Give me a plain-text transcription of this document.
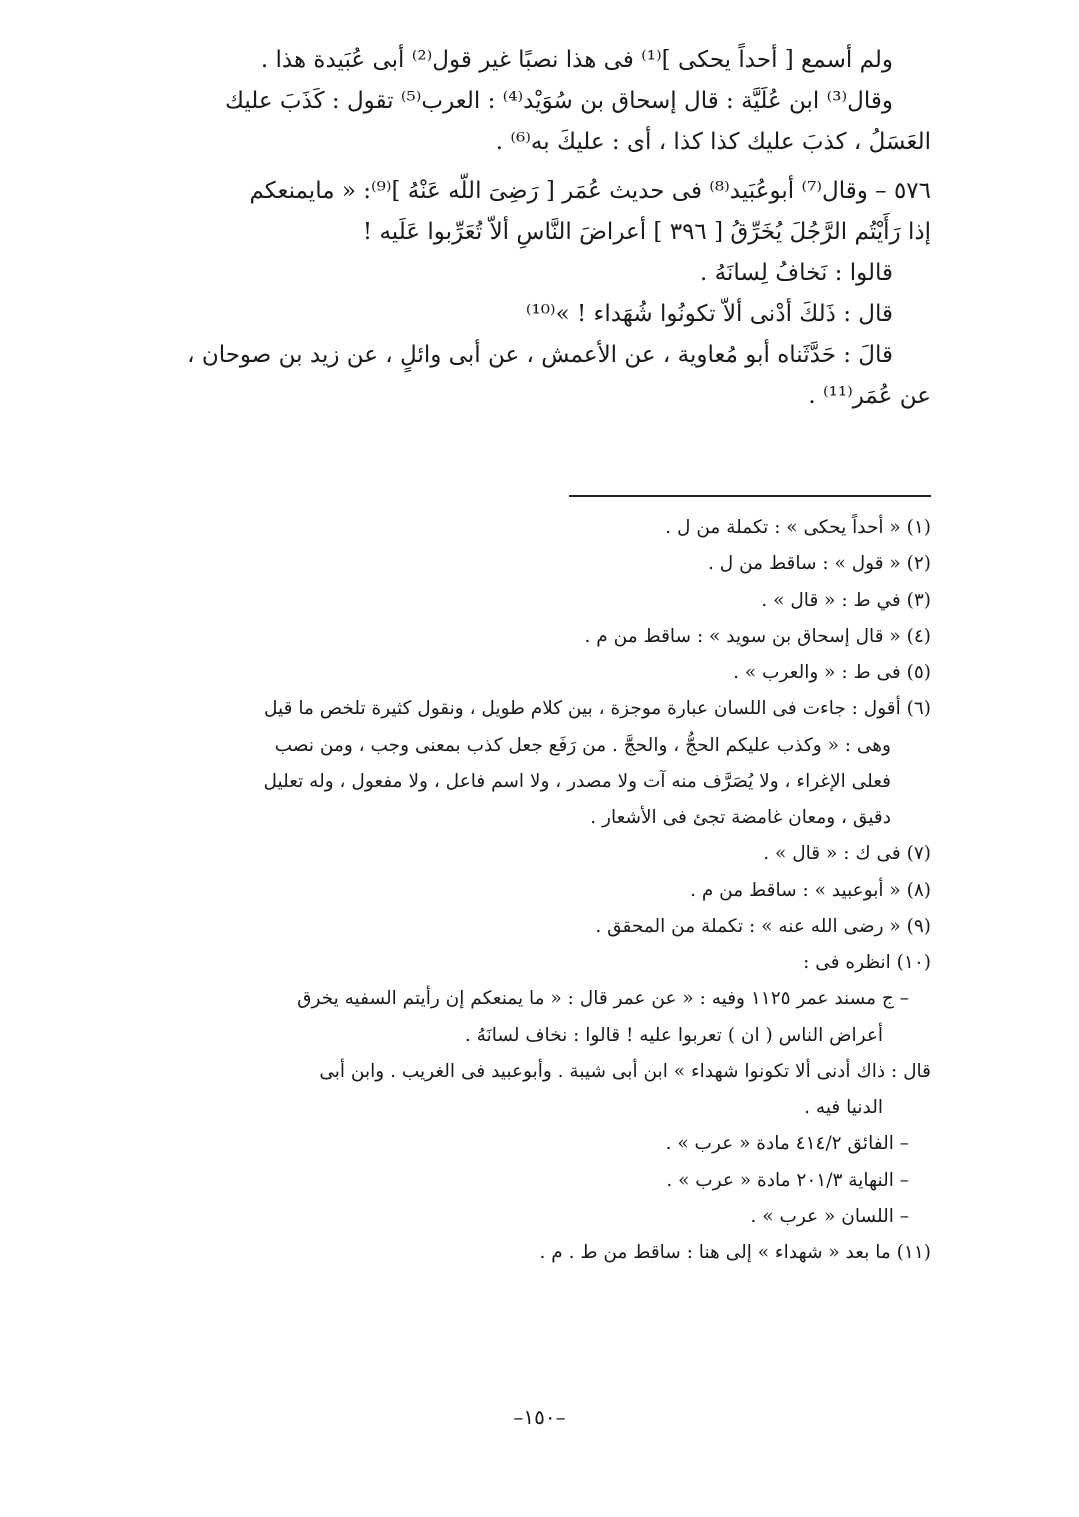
ولم أسمع [ أحداً يحكى ]⁽¹⁾ فى هذا نصبًا غير قول⁽²⁾ أبى عُبَيدة هذا .

وقال⁽³⁾ ابن عُلَيَّة : قال إسحاق بن سُوَيْد⁽⁴⁾ : العرب⁽⁵⁾ تقول : كَذَبَ عليك

العَسَلُ ، كذبَ عليك كذا كذا ، أى : عليكَ به⁽⁶⁾ .

٥٧٦ – وقال⁽⁷⁾ أبوعُبَيد⁽⁸⁾ فى حديث عُمَر [ رَضِىَ اللّه عَنْهُ ]⁽⁹⁾: « مايمنعكم

إذا رَأَيْتُم الرَّجُلَ يُخَرِّقُ [ ٣٩٦ ] أعراضَ النَّاسِ ألاّ تُعَرِّبوا عَلَيه !

قالوا : نَخافُ لِسانَهُ .

قال : ذَلكَ أدْنى ألاّ تكونُوا شُهَداء ! »⁽¹⁰⁾

قالَ : حَدَّثَناه أبو مُعاوية ، عن الأعمش ، عن أبى وائلٍ ، عن زيد بن صوحان ،

عن عُمَر⁽¹¹⁾ .

(١) « أحداً يحكى » : تكملة من ل .

(٢) « قول » : ساقط من ل .

(٣) في ط : « قال » .

(٤) « قال إسحاق بن سويد » : ساقط من م .

(٥) فى ط : « والعرب » .

(٦) أقول : جاءت فى اللسان عبارة موجزة ، بين كلام طويل ، ونقول كثيرة تلخص ما قيل

وهى : « وكذب عليكم الحجُّ ، والحجَّ . من رَفَع جعل كذب بمعنى وجب ، ومن نصب

فعلى الإغراء ، ولا يُصَرَّف منه آت ولا مصدر ، ولا اسم فاعل ، ولا مفعول ، وله تعليل

دقيق ، ومعان غامضة تجئ فى الأشعار .

(٧) فى ك : « قال » .

(٨) « أبوعبيد » : ساقط من م .

(٩) « رضى الله عنه » : تكملة من المحقق .

(١٠) انظره فى :

– ج مسند عمر ١١٢٥ وفيه : « عن عمر قال : « ما يمنعكم إن رأيتم السفيه يخرق

أعراض الناس ( ان ) تعربوا عليه ! قالوا : نخاف لسانَهُ .

قال : ذاك أدنى ألا تكونوا شهداء » ابن أبى شيبة . وأبوعبيد فى الغريب . وابن أبى

الدنيا فيه .

– الفائق ٤١٤/٢ مادة « عرب » .

– النهاية ٢٠١/٣ مادة « عرب » .

– اللسان « عرب » .

(١١) ما بعد « شهداء » إلى هنا : ساقط من ط . م .

–١٥٠–
